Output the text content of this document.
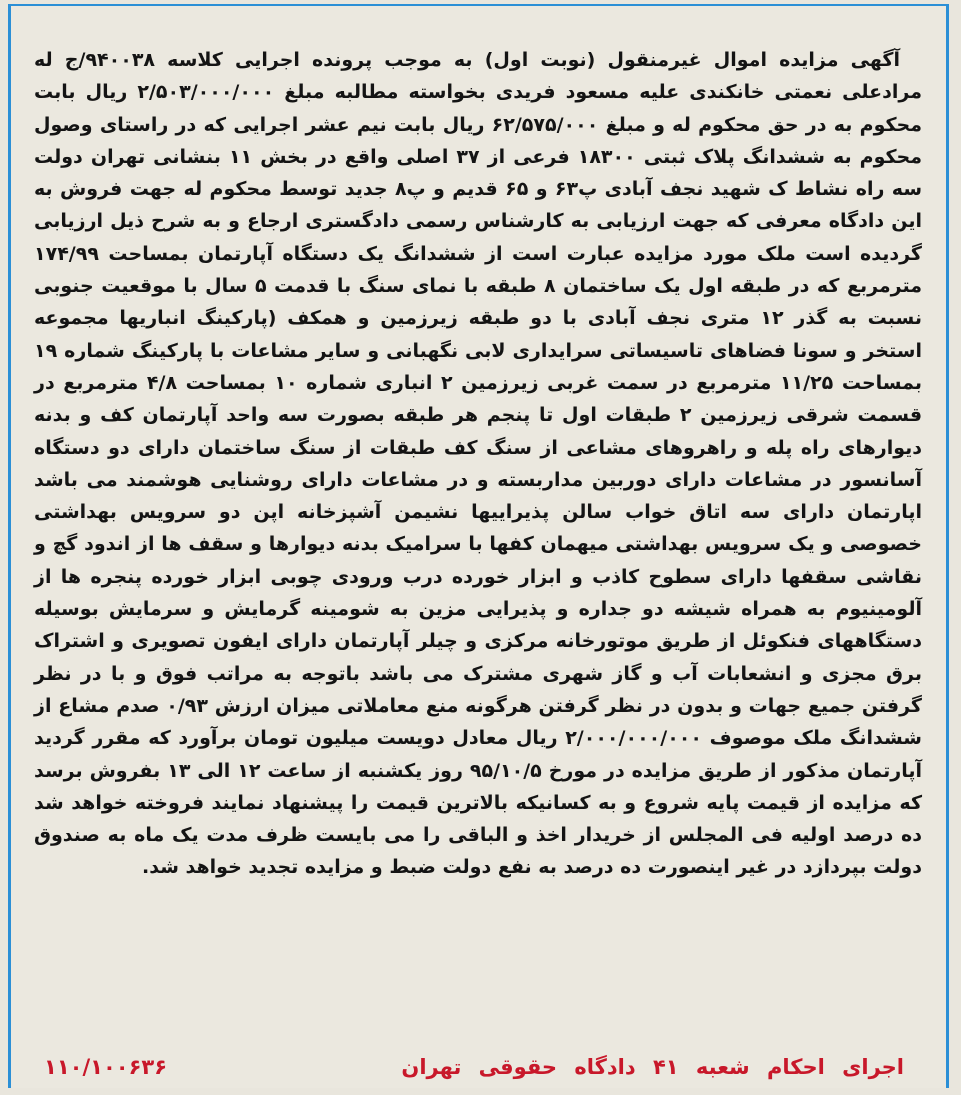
آگهی مزایده اموال غیرمنقول (نوبت اول) به موجب پرونده اجرایی کلاسه ۹۴۰۰۳۸/ج له مرادعلی نعمتی خانکندی علیه مسعود فریدی بخواسته مطالبه مبلغ ۲/۵۰۳/۰۰۰/۰۰۰ ریال بابت محکوم به در حق محکوم له و مبلغ ۶۲/۵۷۵/۰۰۰ ریال بابت نیم عشر اجرایی که در راستای وصول محکوم به ششدانگ پلاک ثبتی ۱۸۳۰۰ فرعی از ۳۷ اصلی واقع در بخش ۱۱ بنشانی تهران دولت سه راه نشاط ک شهید نجف آبادی پ۶۳ و ۶۵ قدیم و پ۸ جدید توسط محکوم له جهت فروش به این دادگاه معرفی که جهت ارزیابی به کارشناس رسمی دادگستری ارجاع و به شرح ذیل ارزیابی گردیده است ملک مورد مزایده عبارت است از ششدانگ یک دستگاه آپارتمان بمساحت ۱۷۴/۹۹ مترمربع که در طبقه اول یک ساختمان ۸ طبقه با نمای سنگ با قدمت ۵ سال با موقعیت جنوبی نسبت به گذر ۱۲ متری نجف آبادی با دو طبقه زیرزمین و همکف (پارکینگ انباریها مجموعه استخر و سونا فضاهای تاسیساتی سرایداری لابی نگهبانی و سایر مشاعات با پارکینگ شماره ۱۹ بمساحت ۱۱/۲۵ مترمربع در سمت غربی زیرزمین ۲ انباری شماره ۱۰ بمساحت ۴/۸ مترمربع در قسمت شرقی زیرزمین ۲ طبقات اول تا پنجم هر طبقه بصورت سه واحد آپارتمان کف و بدنه دیوارهای راه پله و راهروهای مشاعی از سنگ کف طبقات از سنگ ساختمان دارای دو دستگاه آسانسور در مشاعات دارای دوربین مداربسته و در مشاعات دارای روشنایی هوشمند می باشد اپارتمان دارای سه اتاق خواب سالن پذیراییها نشیمن آشپزخانه اپن دو سرویس بهداشتی خصوصی و یک سرویس بهداشتی میهمان کفها با سرامیک بدنه دیوارها و سقف ها از اندود گچ و نقاشی سقفها دارای سطوح کاذب و ابزار خورده درب ورودی چوبی ابزار خورده پنجره ها از آلومینیوم به همراه شیشه دو جداره و پذیرایی مزین به شومینه گرمایش و سرمایش بوسیله دستگاههای فنکوئل از طریق موتورخانه مرکزی و چیلر آپارتمان دارای ایفون تصویری و اشتراک برق مجزی و انشعابات آب و گاز شهری مشترک می باشد باتوجه به مراتب فوق و با در نظر گرفتن جمیع جهات و بدون در نظر گرفتن هرگونه منع معاملاتی میزان ارزش ۰/۹۳ صدم مشاع از ششدانگ ملک موصوف ۲/۰۰۰/۰۰۰/۰۰۰ ریال معادل دویست میلیون تومان برآورد که مقرر گردید آپارتمان مذکور از طریق مزایده در مورخ ۹۵/۱۰/۵ روز یکشنبه از ساعت ۱۲ الی ۱۳ بفروش برسد که مزایده از قیمت پایه شروع و به کسانیکه بالاترین قیمت را پیشنهاد نمایند فروخته خواهد شد ده درصد اولیه فی المجلس از خریدار اخذ و الباقی را می بایست ظرف مدت یک ماه به صندوق دولت بپردازد در غیر اینصورت ده درصد به نفع دولت ضبط و مزایده تجدید خواهد شد.

اجرای احکام شعبه ۴۱ دادگاه حقوقی تهران
۱۱۰/۱۰۰۶۳۶
